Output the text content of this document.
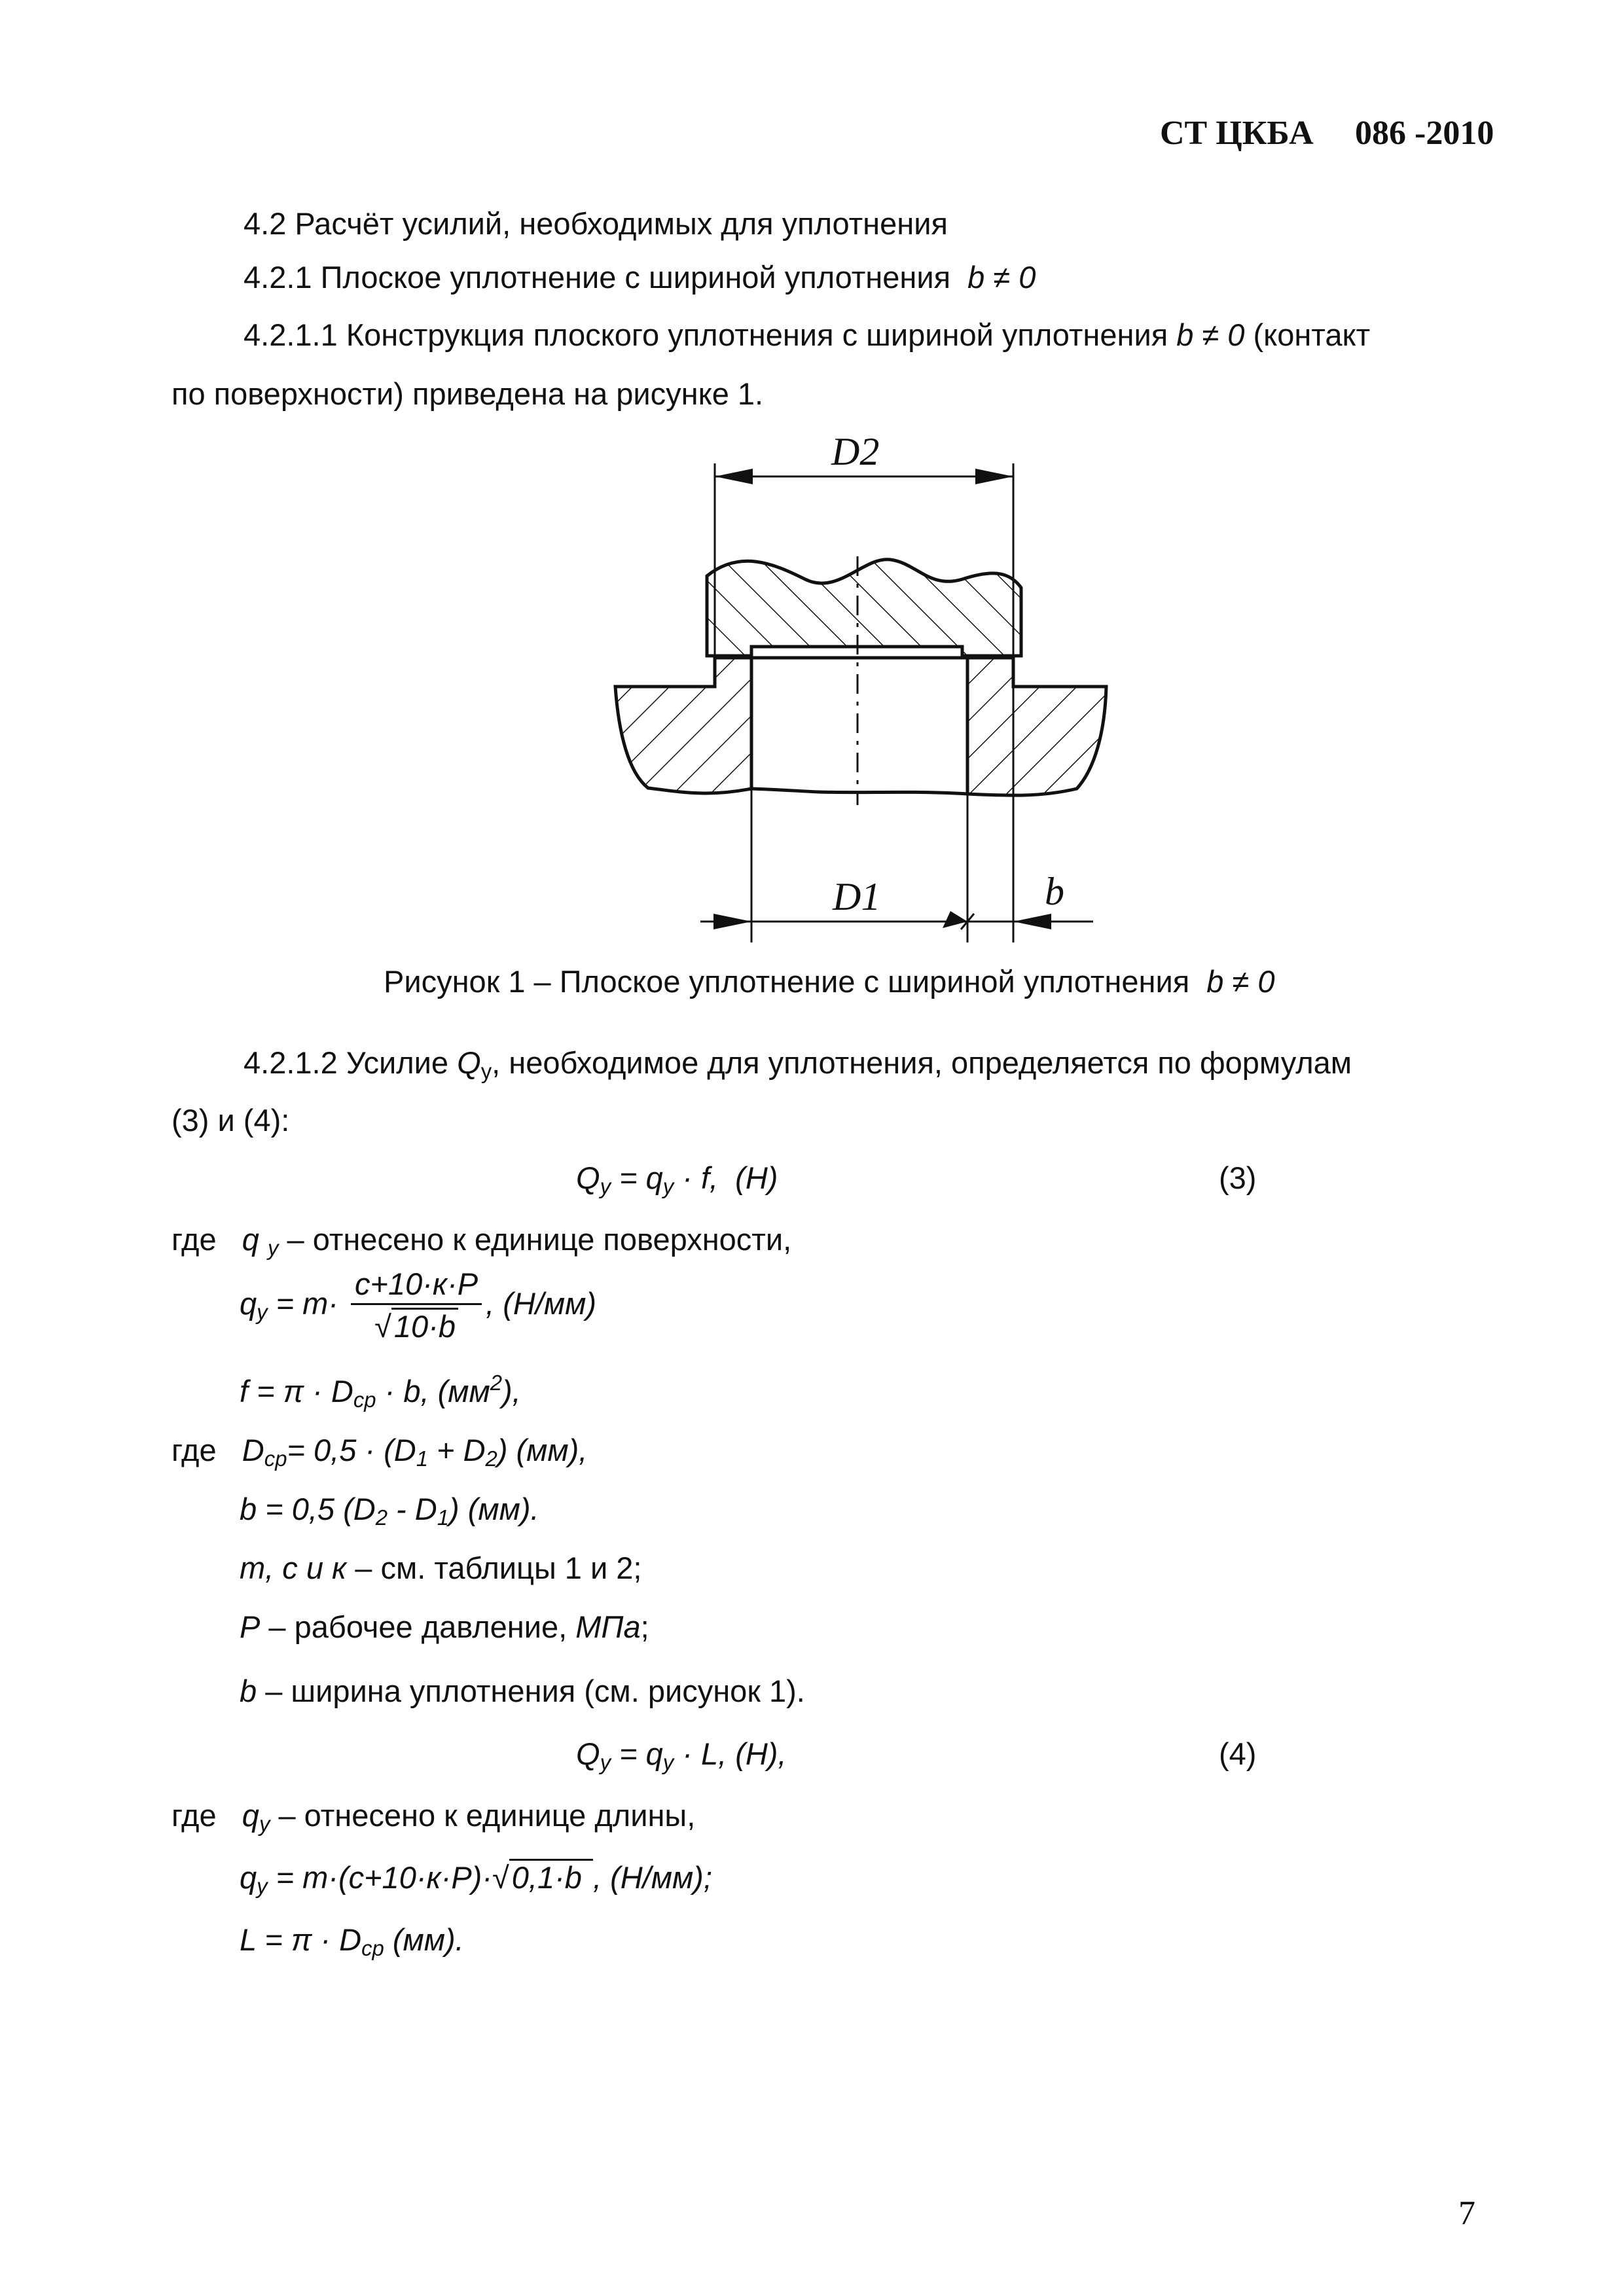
СТ ЦКБА 086 -2010
4.2 Расчёт усилий, необходимых для уплотнения
4.2.1 Плоское уплотнение с шириной уплотнения b ≠ 0
4.2.1.1 Конструкция плоского уплотнения с шириной уплотнения b ≠ 0 (контакт
по поверхности) приведена на рисунке 1.
D2
D1	b
Рисунок 1 – Плоское уплотнение с шириной уплотнения b ≠ 0
4.2.1.2 Усилие $Q_у$, необходимое для уплотнения, определяется по формулам
(3) и (4):
$Q_у = q_у \cdot f$,  (Н)	(3)
где q $_у$ – отнесено к единице поверхности,
$q_у = m\cdot \frac{c+10\cdot к\cdot P}{√10\cdot b}$ , (Н/мм)
$f = \pi \cdot D_{ср} \cdot b$, $(мм^2)$,
где $D_{ср}= 0,5 \cdot (D_1 + D_2)$ (мм),
b = 0,5 $(D_2 - D_1)$ (мм).
m, c и к – см. таблицы 1 и 2;
P – рабочее давление, МПа;
b – ширина уплотнения (см. рисунок 1).
$Q_у = q_у \cdot L$, (Н),	(4)
где $q_у$ – отнесено к единице длины,
$q_у = m\cdot(c+10\cdot к\cdot P)\cdot√0,1\cdot b$ , (Н/мм);
$L = \pi \cdot D_{ср}$ (мм).
7
